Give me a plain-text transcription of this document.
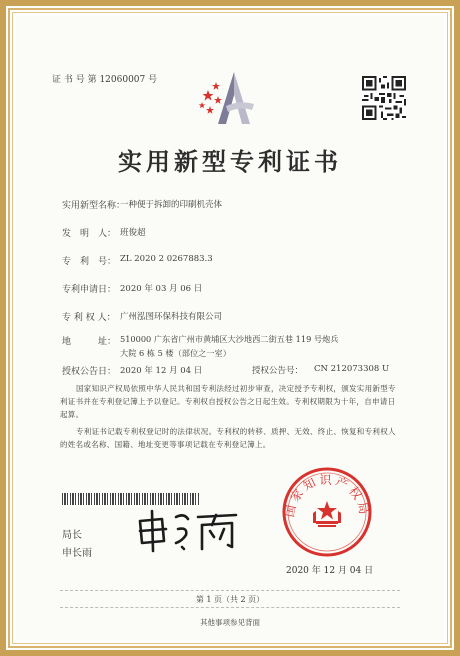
证 书 号 第 12060007 号
实用新型专利证书
实用新型名称：
一种便于拆卸的印刷机壳体
发　明　人： 班俊超
专　利　号： ZL 2020 2 0267883.3
专利申请日： 2020 年 03 月 06 日
专 利 权 人： 广州泓图环保科技有限公司
地　　　址： 510000 广东省广州市黄埔区大沙地西二街五巷 119 号炮兵
大院 6 栋 5 楼（部位之一室）
授权公告日： 2020 年 12 月 04 日	授权公告号： CN 212073308 U
国家知识产权局依照中华人民共和国专利法经过初步审查，决定授予专利权，颁发实用新型专利证书并在专利登记簿上予以登记。专利权自授权公告之日起生效。专利权期限为十年，自申请日起算。
专利证书记载专利权登记时的法律状况。专利权的转移、质押、无效、终止、恢复和专利权人的姓名或名称、国籍、地址变更等事项记载在专利登记簿上。
局长
申长雨
国家知识产权局
2020 年 12 月 04 日
第 1 页（共 2 页）
其他事项参见背面
